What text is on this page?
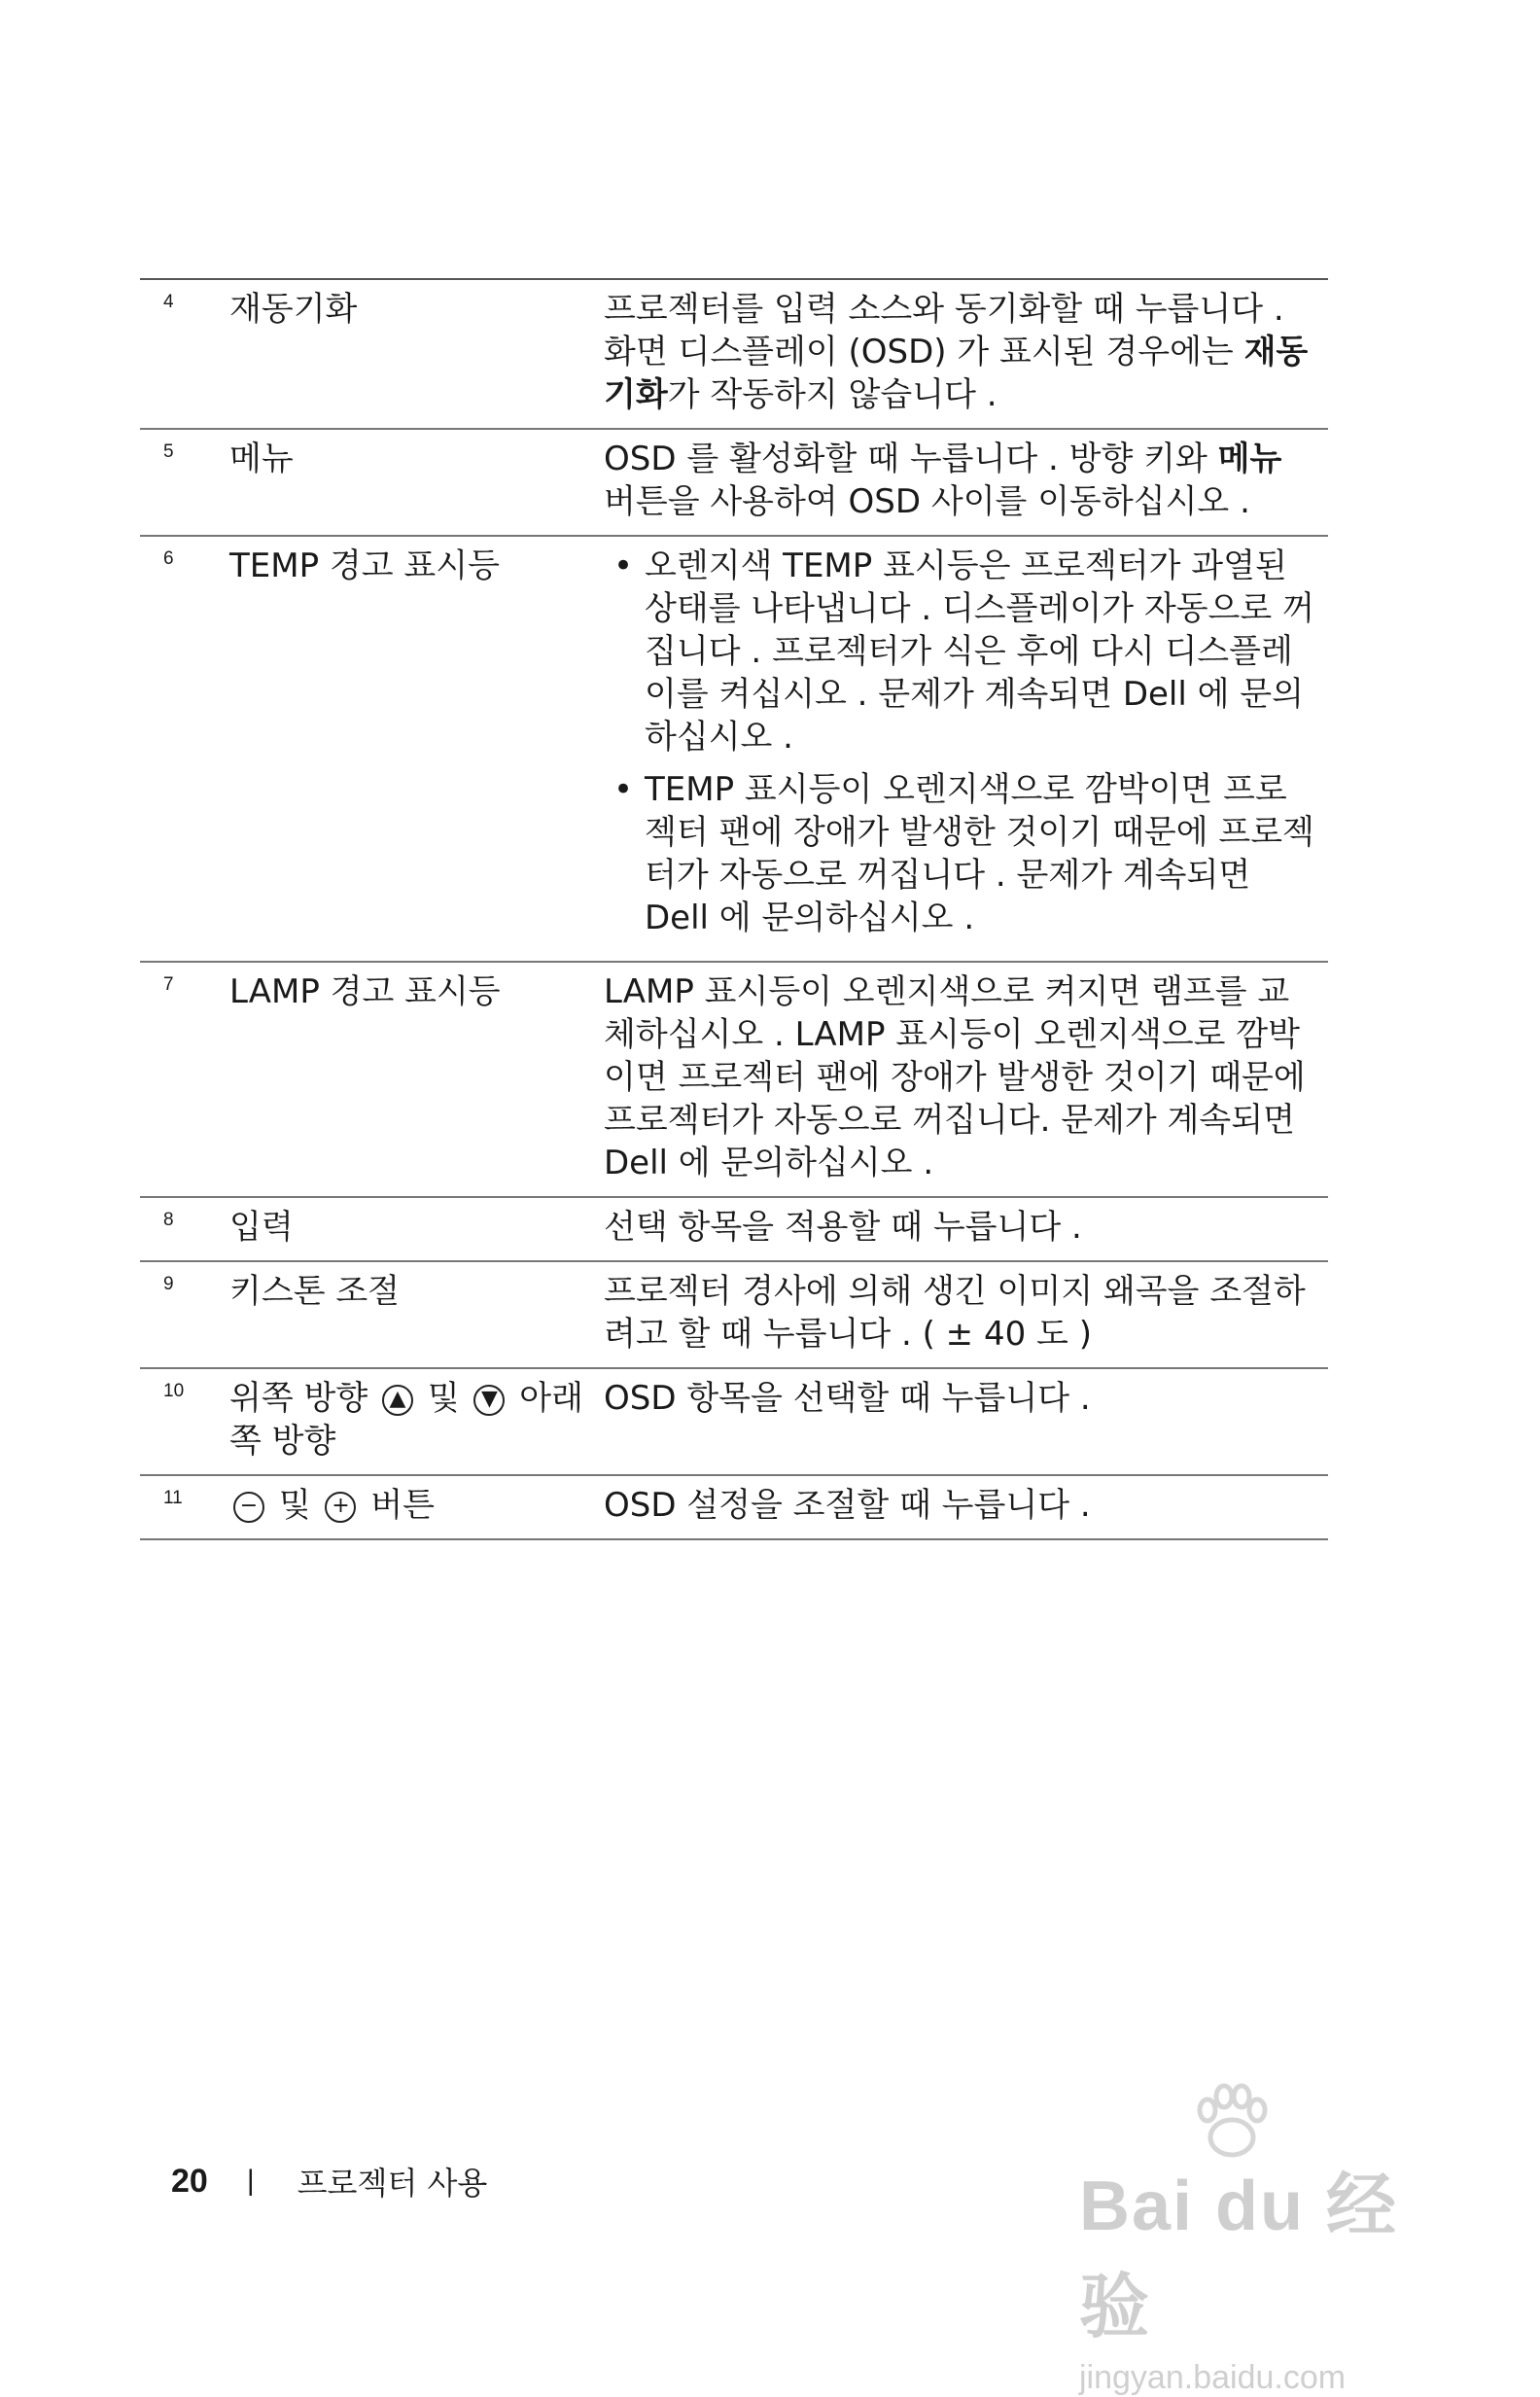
4	재동기화	프로젝터를 입력 소스와 동기화할 때 누릅니다 . 화면 디스플레이 (OSD) 가 표시된 경우에는 재동기화가 작동하지 않습니다 .
5	메뉴	OSD 를 활성화할 때 누릅니다 . 방향 키와 메뉴 버튼을 사용하여 OSD 사이를 이동하십시오 .
6	TEMP 경고 표시등
•	오렌지색 TEMP 표시등은 프로젝터가 과열된 상태를 나타냅니다 . 디스플레이가 자동으로 꺼집니다 . 프로젝터가 식은 후에 다시 디스플레이를 켜십시오 . 문제가 계속되면 Dell 에 문의하십시오 .
• TEMP 표시등이 오렌지색으로 깜박이면 프로젝터 팬에 장애가 발생한 것이기 때문에 프로젝터가 자동으로 꺼집니다 . 문제가 계속되면 Dell 에 문의하십시오 .
7	LAMP 경고 표시등	LAMP 표시등이 오렌지색으로 켜지면 램프를 교체하십시오 . LAMP 표시등이 오렌지색으로 깜박이면 프로젝터 팬에 장애가 발생한 것이기 때문에 프로젝터가 자동으로 꺼집니다. 문제가 계속되면 Dell 에 문의하십시오 .
8	입력	선택 항목을 적용할 때 누릅니다 .
9	키스톤 조절	프로젝터 경사에 의해 생긴 이미지 왜곡을 조절하려고 할 때 누릅니다 . ( ± 40 도 )
10	위쪽 방향 ▲ 및 ▼ 아래쪽 방향
OSD 항목을 선택할 때 누릅니다 .
11	− 및 + 버튼	OSD 설정을 조절할 때 누릅니다 .
20 | 프로젝터 사용	Bai du 经验
jingyan.baidu.com
